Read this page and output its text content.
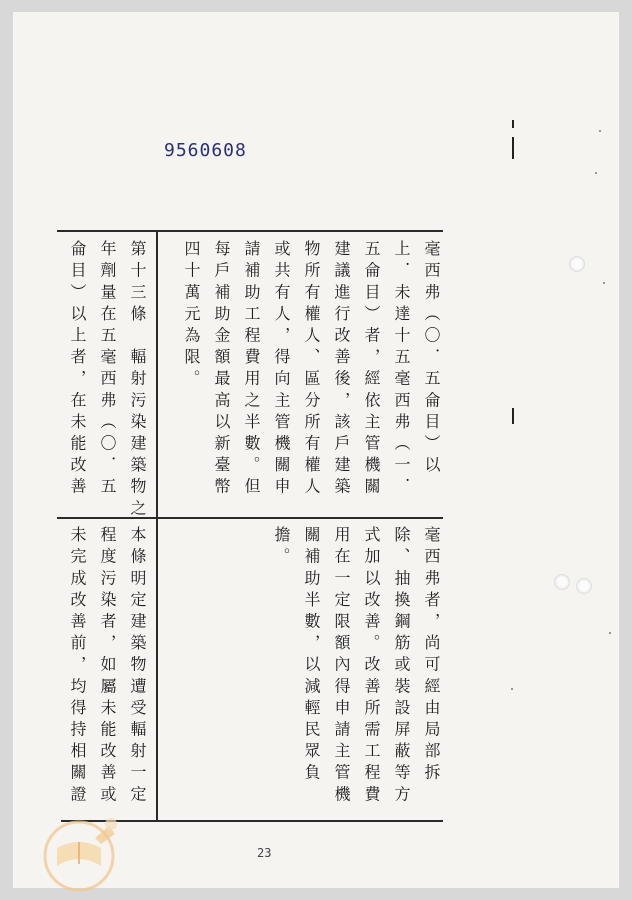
9560608
毫西弗（〇．五侖目）以
上．未達十五毫西弗（一．
五侖目）者，經依主管機關
建議進行改善後，該戶建築
物所有權人、區分所有權人
或共有人，得向主管機關申
請補助工程費用之半數。但
每戶補助金額最高以新臺幣
四十萬元為限。
第十三條　輻射污染建築物之
年劑量在五毫西弗（〇．五
侖目）以上者，在未能改善
毫西弗者，尚可經由局部拆
除、抽換鋼筋或裝設屏蔽等方
式加以改善。改善所需工程費
用在一定限額內得申請主管機
關補助半數，以減輕民眾負
擔。
本條明定建築物遭受輻射一定
程度污染者，如屬未能改善或
未完成改善前，均得持相關證
23
